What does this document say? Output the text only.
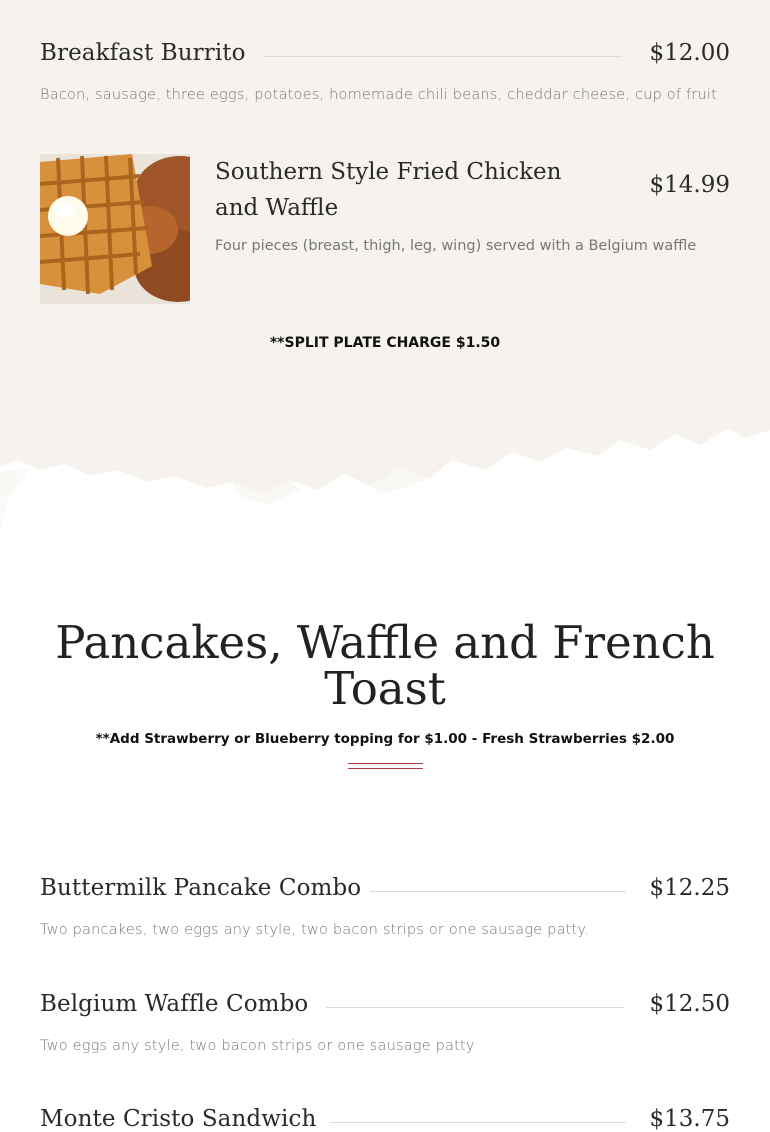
Breakfast Burrito	$12.00
Bacon, sausage, three eggs, potatoes, homemade chili beans, cheddar cheese, cup of fruit
Southern Style Fried Chicken and Waffle
$14.99
Four pieces (breast, thigh, leg, wing) served with a Belgium waffle
**SPLIT PLATE CHARGE $1.50
Pancakes, Waffle and French Toast
**Add Strawberry or Blueberry topping for $1.00 - Fresh Strawberries $2.00
Buttermilk Pancake Combo	$12.25
Two pancakes, two eggs any style, two bacon strips or one sausage patty.
Belgium Waffle Combo	$12.50
Two eggs any style, two bacon strips or one sausage patty
Monte Cristo Sandwich	$13.75
